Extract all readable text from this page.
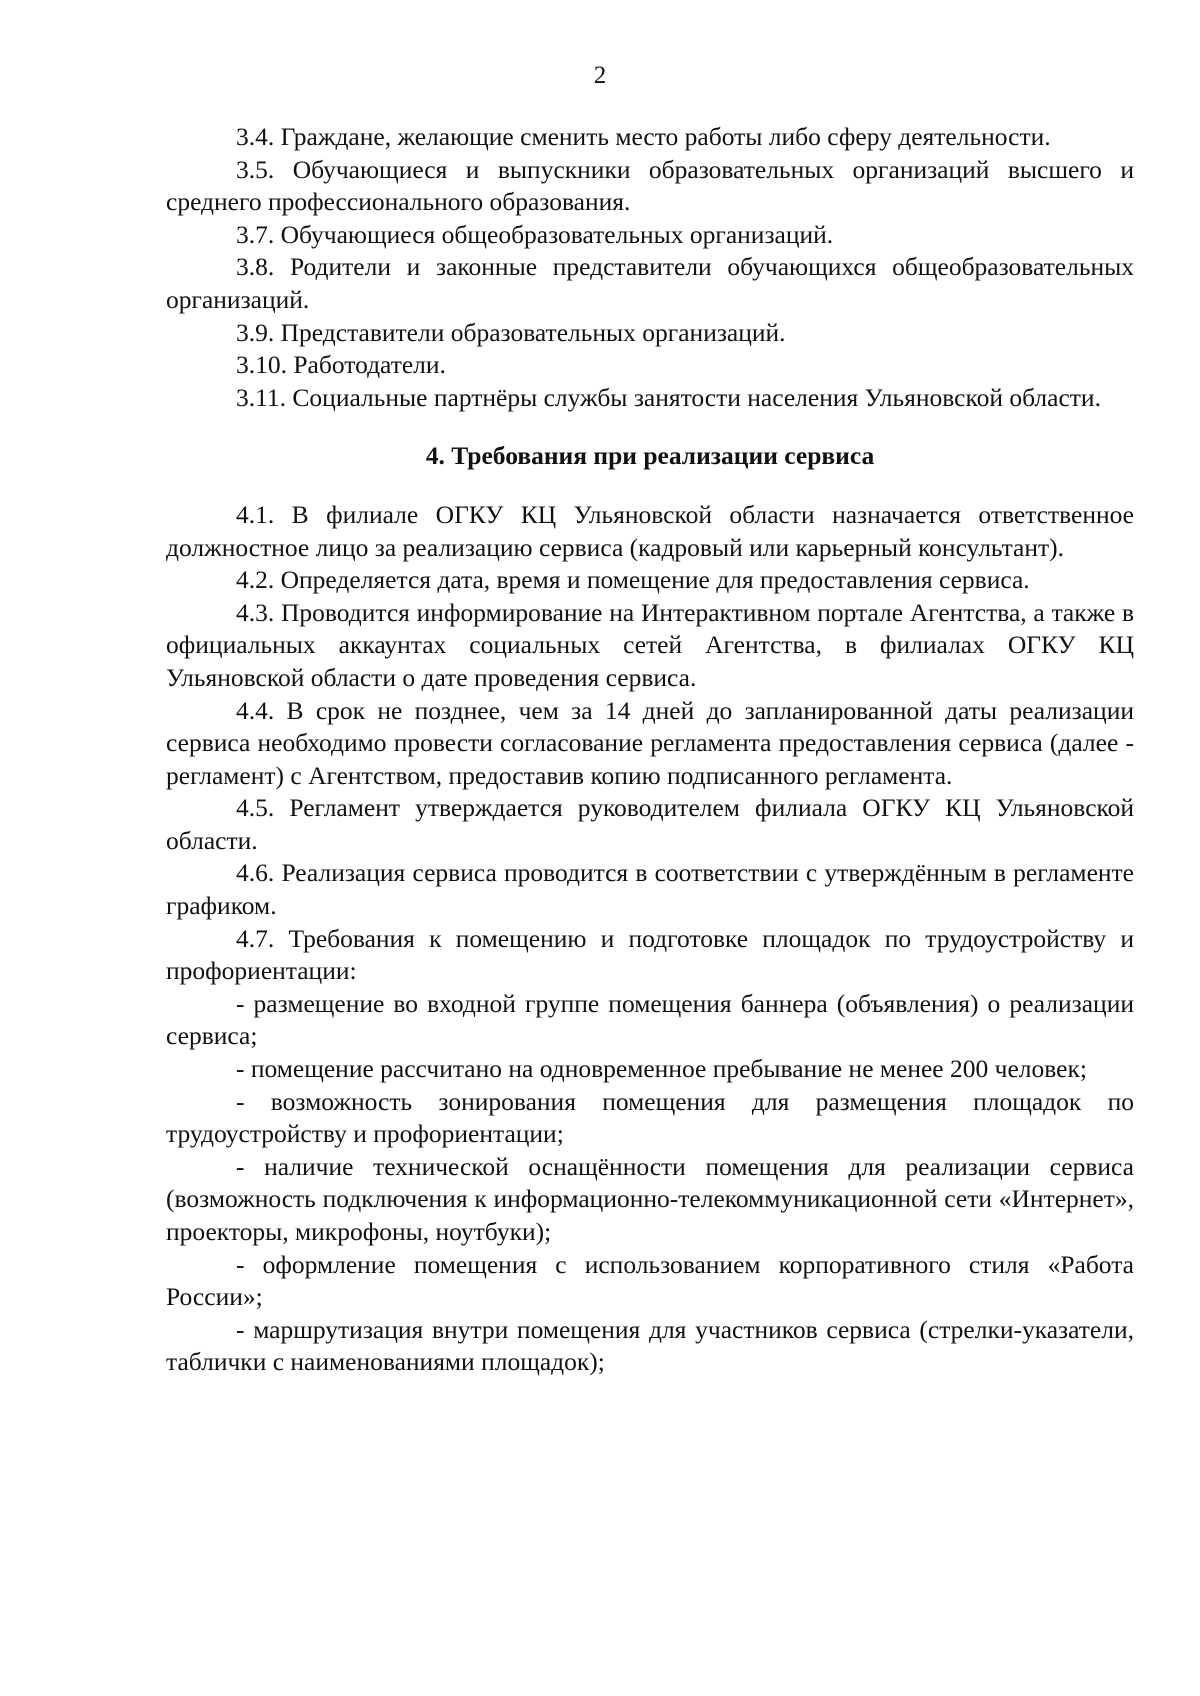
2

3.4. Граждане, желающие сменить место работы либо сферу деятельности.

3.5. Обучающиеся и выпускники образовательных организаций высшего и среднего профессионального образования.

3.7. Обучающиеся общеобразовательных организаций.

3.8. Родители и законные представители обучающихся общеобразовательных организаций.

3.9. Представители образовательных организаций.

3.10. Работодатели.

3.11. Социальные партнёры службы занятости населения Ульяновской области.

4. Требования при реализации сервиса

4.1. В филиале ОГКУ КЦ Ульяновской области назначается ответственное должностное лицо за реализацию сервиса (кадровый или карьерный консультант).

4.2. Определяется дата, время и помещение для предоставления сервиса.

4.3. Проводится информирование на Интерактивном портале Агентства, а также в официальных аккаунтах социальных сетей Агентства, в филиалах ОГКУ КЦ Ульяновской области о дате проведения сервиса.

4.4. В срок не позднее, чем за 14 дней до запланированной даты реализации сервиса необходимо провести согласование регламента предоставления сервиса (далее - регламент) с Агентством, предоставив копию подписанного регламента.

4.5. Регламент утверждается руководителем филиала ОГКУ КЦ Ульяновской области.

4.6. Реализация сервиса проводится в соответствии с утверждённым в регламенте графиком.

4.7. Требования к помещению и подготовке площадок по трудоустройству и профориентации:

- размещение во входной группе помещения баннера (объявления) о реализации сервиса;

- помещение рассчитано на одновременное пребывание не менее 200 человек;

- возможность зонирования помещения для размещения площадок по трудоустройству и профориентации;

- наличие технической оснащённости помещения для реализации сервиса (возможность подключения к информационно-телекоммуникационной сети «Интернет», проекторы, микрофоны, ноутбуки);

- оформление помещения с использованием корпоративного стиля «Работа России»;

- маршрутизация внутри помещения для участников сервиса (стрелки-указатели, таблички с наименованиями площадок);
